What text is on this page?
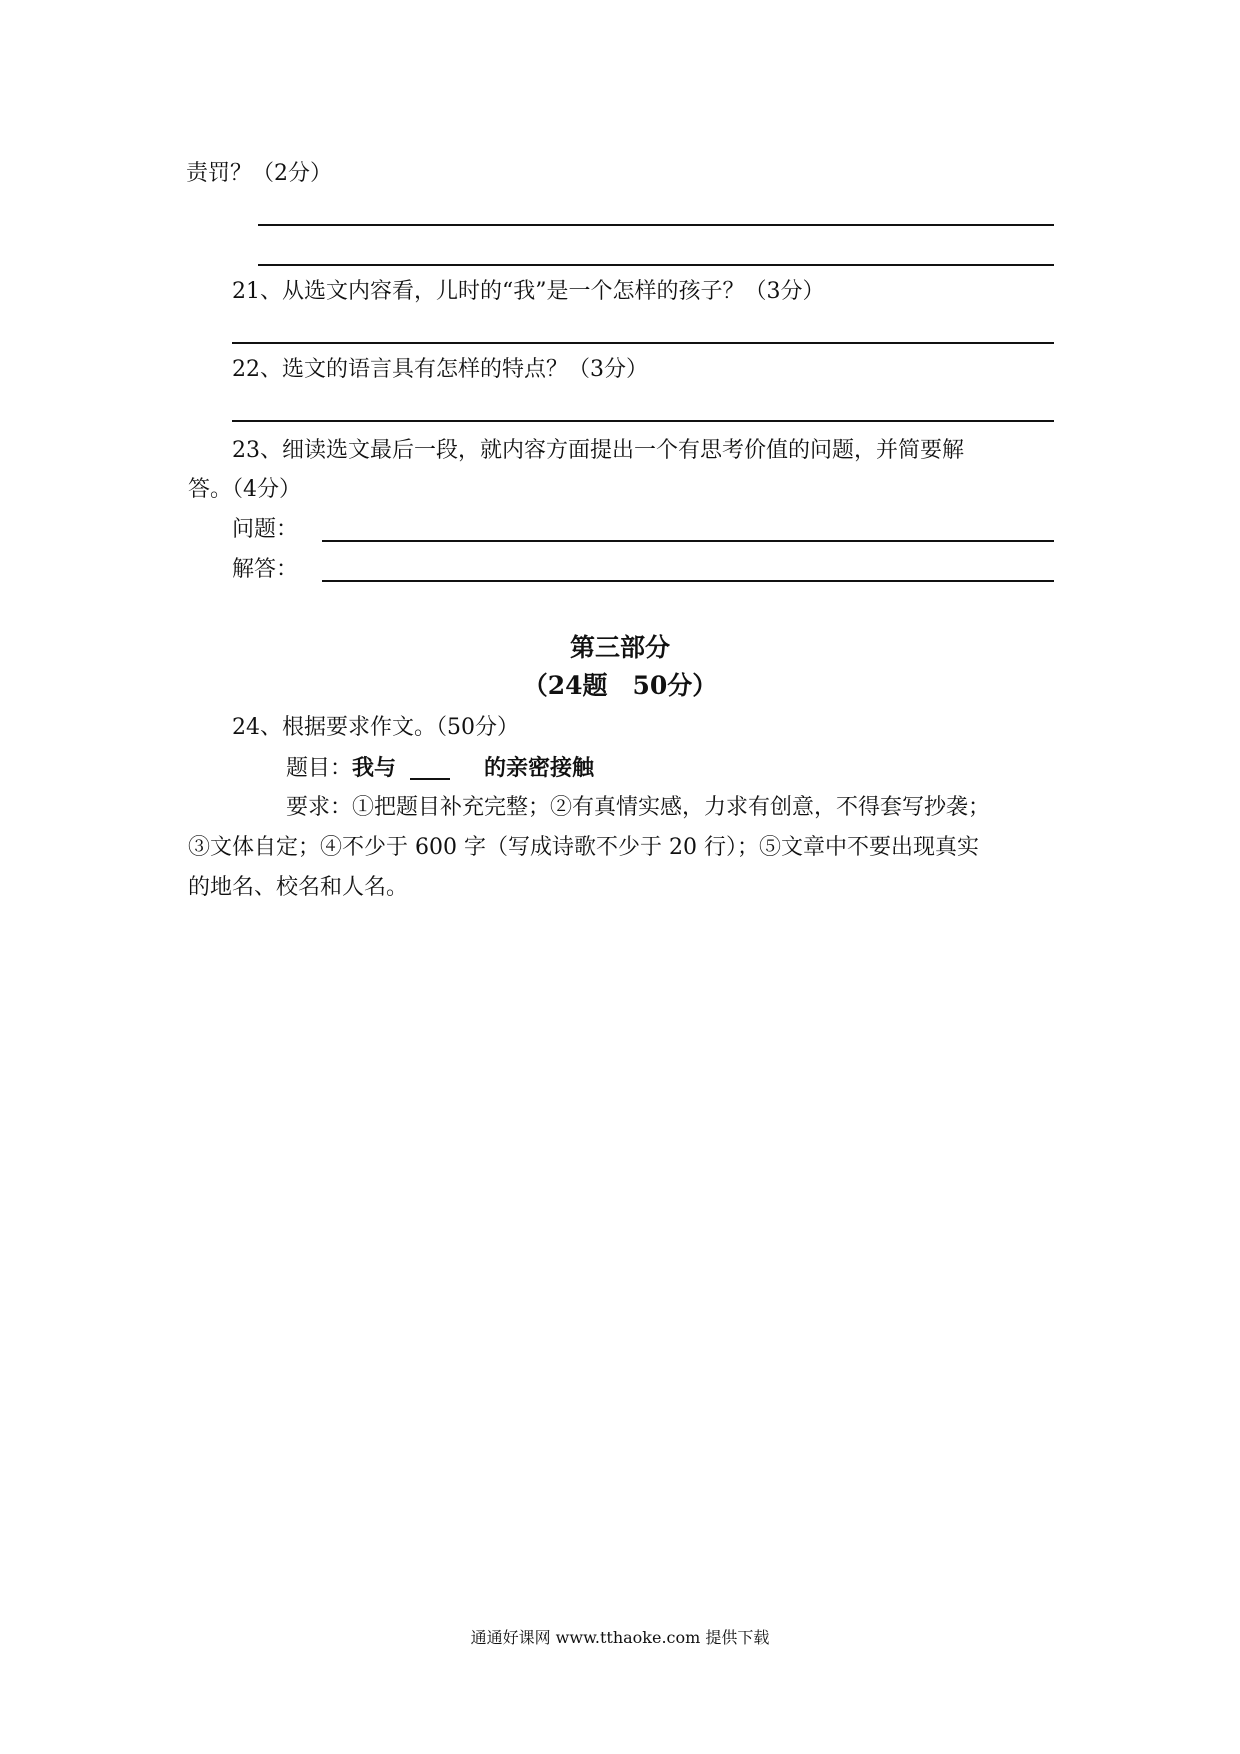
责罚？（2分）
21、从选文内容看，儿时的“我”是一个怎样的孩子？（3分）
22、选文的语言具有怎样的特点？（3分）
23、细读选文最后一段，就内容方面提出一个有思考价值的问题，并简要解
答。（4分）
问题：
解答：
第三部分
（24题　50分）
24、根据要求作文。（50分）
题目：我与	的亲密接触
要求：①把题目补充完整；②有真情实感，力求有创意，不得套写抄袭；
③文体自定；④不少于 600 字（写成诗歌不少于 20 行）；⑤文章中不要出现真实
的地名、校名和人名。
通通好课网 www.tthaoke.com 提供下载
